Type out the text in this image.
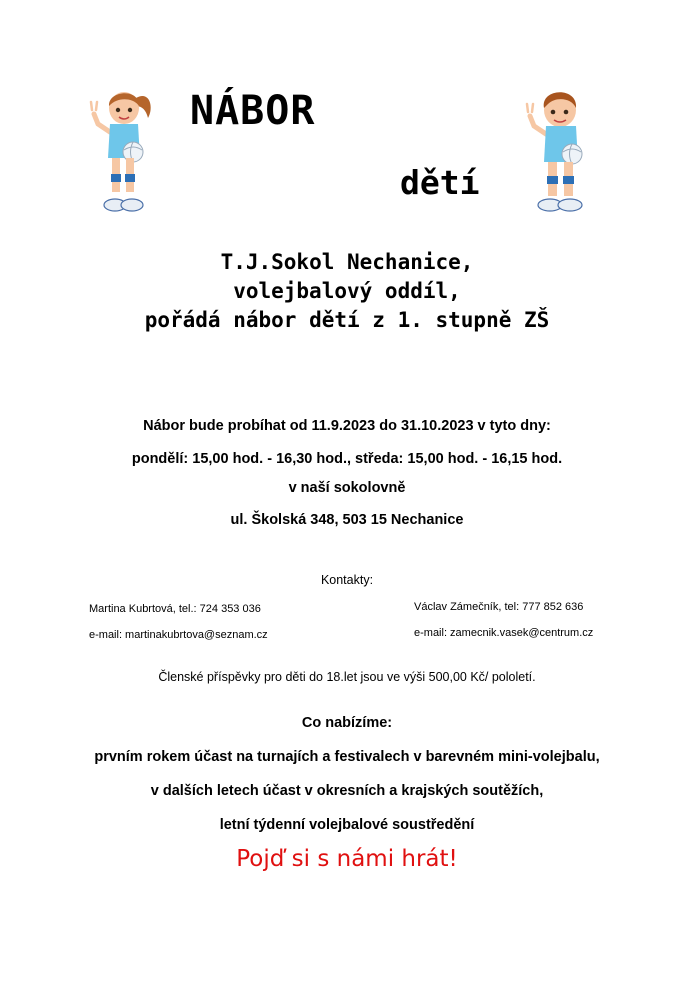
NÁBOR
dětí
T.J.Sokol Nechanice,
volejbalový oddíl,
pořádá nábor dětí z 1. stupně ZŠ
Nábor bude probíhat od 11.9.2023 do 31.10.2023 v tyto dny:
pondělí: 15,00 hod. - 16,30 hod., středa: 15,00 hod. - 16,15 hod.
v naší sokolovně
ul. Školská 348, 503 15 Nechanice
Kontakty:
Martina Kubrtová, tel.: 724 353 036
e-mail: martinakubrtova@seznam.cz
Václav Zámečník, tel: 777 852 636
e-mail: zamecnik.vasek@centrum.cz
Členské příspěvky pro děti do 18.let jsou ve výši 500,00 Kč/ pololetí.
Co nabízíme:
prvním rokem účast na turnajích a festivalech v barevném mini-volejbalu,
v dalších letech účast v okresních a krajských soutěžích,
letní týdenní volejbalové soustředění
Pojď si s námi hrát!
